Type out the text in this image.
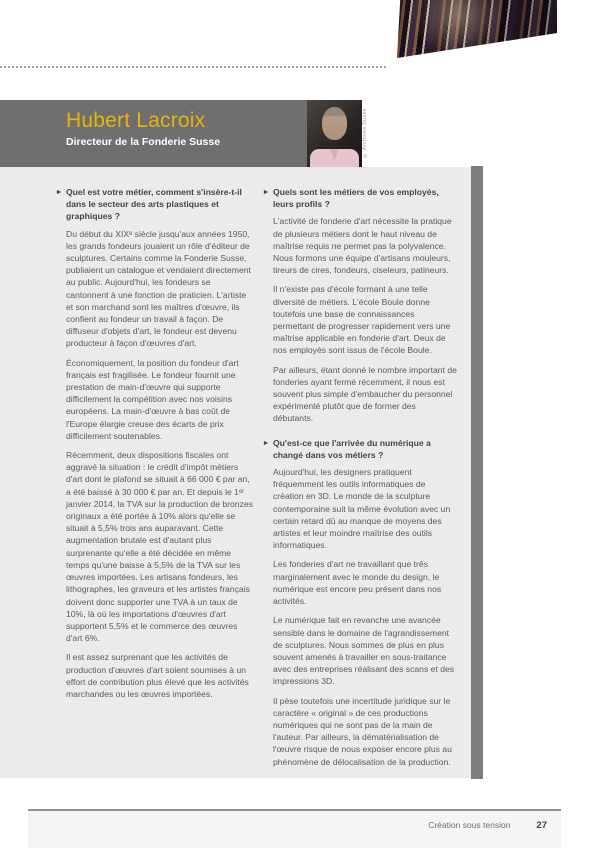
Hubert Lacroix
Directeur de la Fonderie Susse	© Archives Susse
▸ Quel est votre métier, comment s'insère-t-il dans le secteur des arts plastiques et graphiques ?

Du début du XIXᵉ siècle jusqu'aux années 1950, les grands fondeurs jouaient un rôle d'éditeur de sculptures. Certains comme la Fonderie Susse, publiaient un catalogue et vendaient directement au public. Aujourd'hui, les fondeurs se cantonnent à une fonction de praticien. L'artiste et son marchand sont les maîtres d'œuvre, ils confient au fondeur un travail à façon. De diffuseur d'objets d'art, le fondeur est devenu producteur à façon d'œuvres d'art.

Économiquement, la position du fondeur d'art français est fragilisée. Le fondeur fournit une prestation de main-d'œuvre qui supporte difficilement la compétition avec nos voisins européens. La main-d'œuvre à bas coût de l'Europe élargie creuse des écarts de prix difficilement soutenables.

Récemment, deux dispositions fiscales ont aggravé la situation : le crédit d'impôt métiers d'art dont le plafond se situait à 66 000 € par an, a été baissé à 30 000 € par an. Et depuis le 1ᵉʳ janvier 2014, la TVA sur la production de bronzes originaux a été portée à 10% alors qu'elle se situait à 5,5% trois ans auparavant. Cette augmentation brutale est d'autant plus surprenante qu'elle a été décidée en même temps qu'une baisse à 5,5% de la TVA sur les œuvres importées. Les artisans fondeurs, les lithographes, les graveurs et les artistes français doivent donc supporter une TVA à un taux de 10%, là où les importations d'œuvres d'art supportent 5,5% et le commerce des œuvres d'art 6%.

Il est assez surprenant que les activités de production d'œuvres d'art soient soumises à un effort de contribution plus élevé que les activités marchandes ou les œuvres importées.

▸ Quels sont les métiers de vos employés, leurs profils ?

L'activité de fonderie d'art nécessite la pratique de plusieurs métiers dont le haut niveau de maîtrise requis ne permet pas la polyvalence. Nous formons une équipe d'artisans mouleurs, tireurs de cires, fondeurs, ciseleurs, patineurs.

Il n'existe pas d'école formant à une telle diversité de métiers. L'école Boule donne toutefois une base de connaissances permettant de progresser rapidement vers une maîtrise applicable en fonderie d'art. Deux de nos employés sont issus de l'école Boule.

Par ailleurs, étant donné le nombre important de fonderies ayant fermé récemment, il nous est souvent plus simple d'embaucher du personnel expérimenté plutôt que de former des débutants.

▸ Qu'est-ce que l'arrivée du numérique a changé dans vos métiers ?

Aujourd'hui, les designers pratiquent fréquemment les outils informatiques de création en 3D. Le monde de la sculpture contemporaine suit la même évolution avec un certain retard dû au manque de moyens des artistes et leur moindre maîtrise des outils informatiques.

Les fonderies d'art ne travaillant que très marginalement avec le monde du design, le numérique est encore peu présent dans nos activités.

Le numérique fait en revanche une avancée sensible dans le domaine de l'agrandissement de sculptures. Nous sommes de plus en plus souvent amenés à travailler en sous-traitance avec des entreprises réalisant des scans et des impressions 3D.

Il pèse toutefois une incertitude juridique sur le caractère « original » de ces productions numériques qui ne sont pas de la main de l'auteur. Par ailleurs, la dématérialisation de l'œuvre risque de nous exposer encore plus au phénomène de délocalisation de la production.

Création sous tension	27
